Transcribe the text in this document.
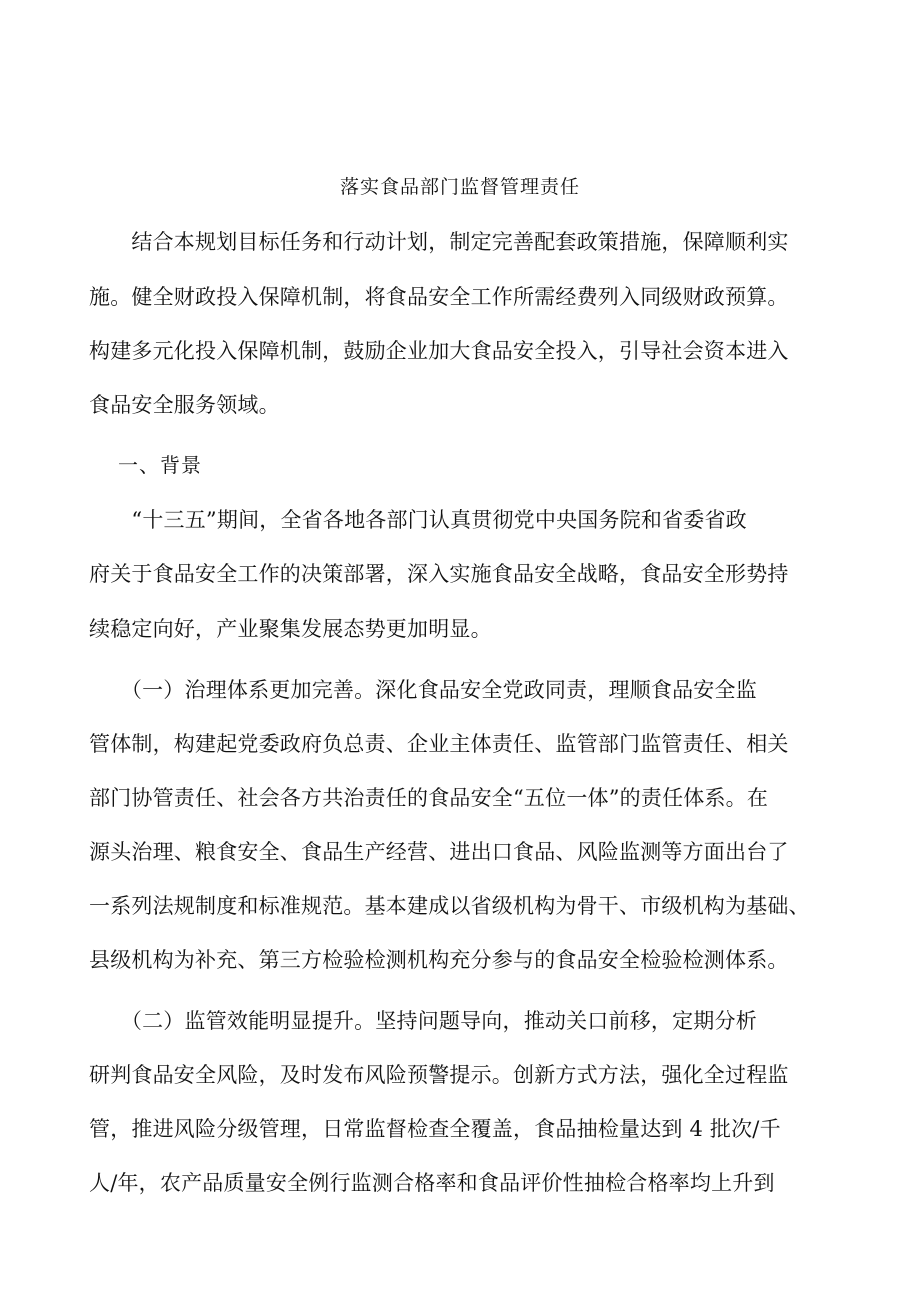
落实食品部门监督管理责任
　　结合本规划目标任务和行动计划，制定完善配套政策措施，保障顺利实
施。健全财政投入保障机制，将食品安全工作所需经费列入同级财政预算。
构建多元化投入保障机制，鼓励企业加大食品安全投入，引导社会资本进入
食品安全服务领域。
一、背景
　　“十三五”期间，全省各地各部门认真贯彻党中央国务院和省委省政
府关于食品安全工作的决策部署，深入实施食品安全战略，食品安全形势持
续稳定向好，产业聚集发展态势更加明显。
　　（一）治理体系更加完善。深化食品安全党政同责，理顺食品安全监
管体制，构建起党委政府负总责、企业主体责任、监管部门监管责任、相关
部门协管责任、社会各方共治责任的食品安全“五位一体”的责任体系。在
源头治理、粮食安全、食品生产经营、进出口食品、风险监测等方面出台了
一系列法规制度和标准规范。基本建成以省级机构为骨干、市级机构为基础、
县级机构为补充、第三方检验检测机构充分参与的食品安全检验检测体系。
　　（二）监管效能明显提升。坚持问题导向，推动关口前移，定期分析
研判食品安全风险，及时发布风险预警提示。创新方式方法，强化全过程监
管，推进风险分级管理，日常监督检查全覆盖，食品抽检量达到 4 批次/千
人/年，农产品质量安全例行监测合格率和食品评价性抽检合格率均上升到
